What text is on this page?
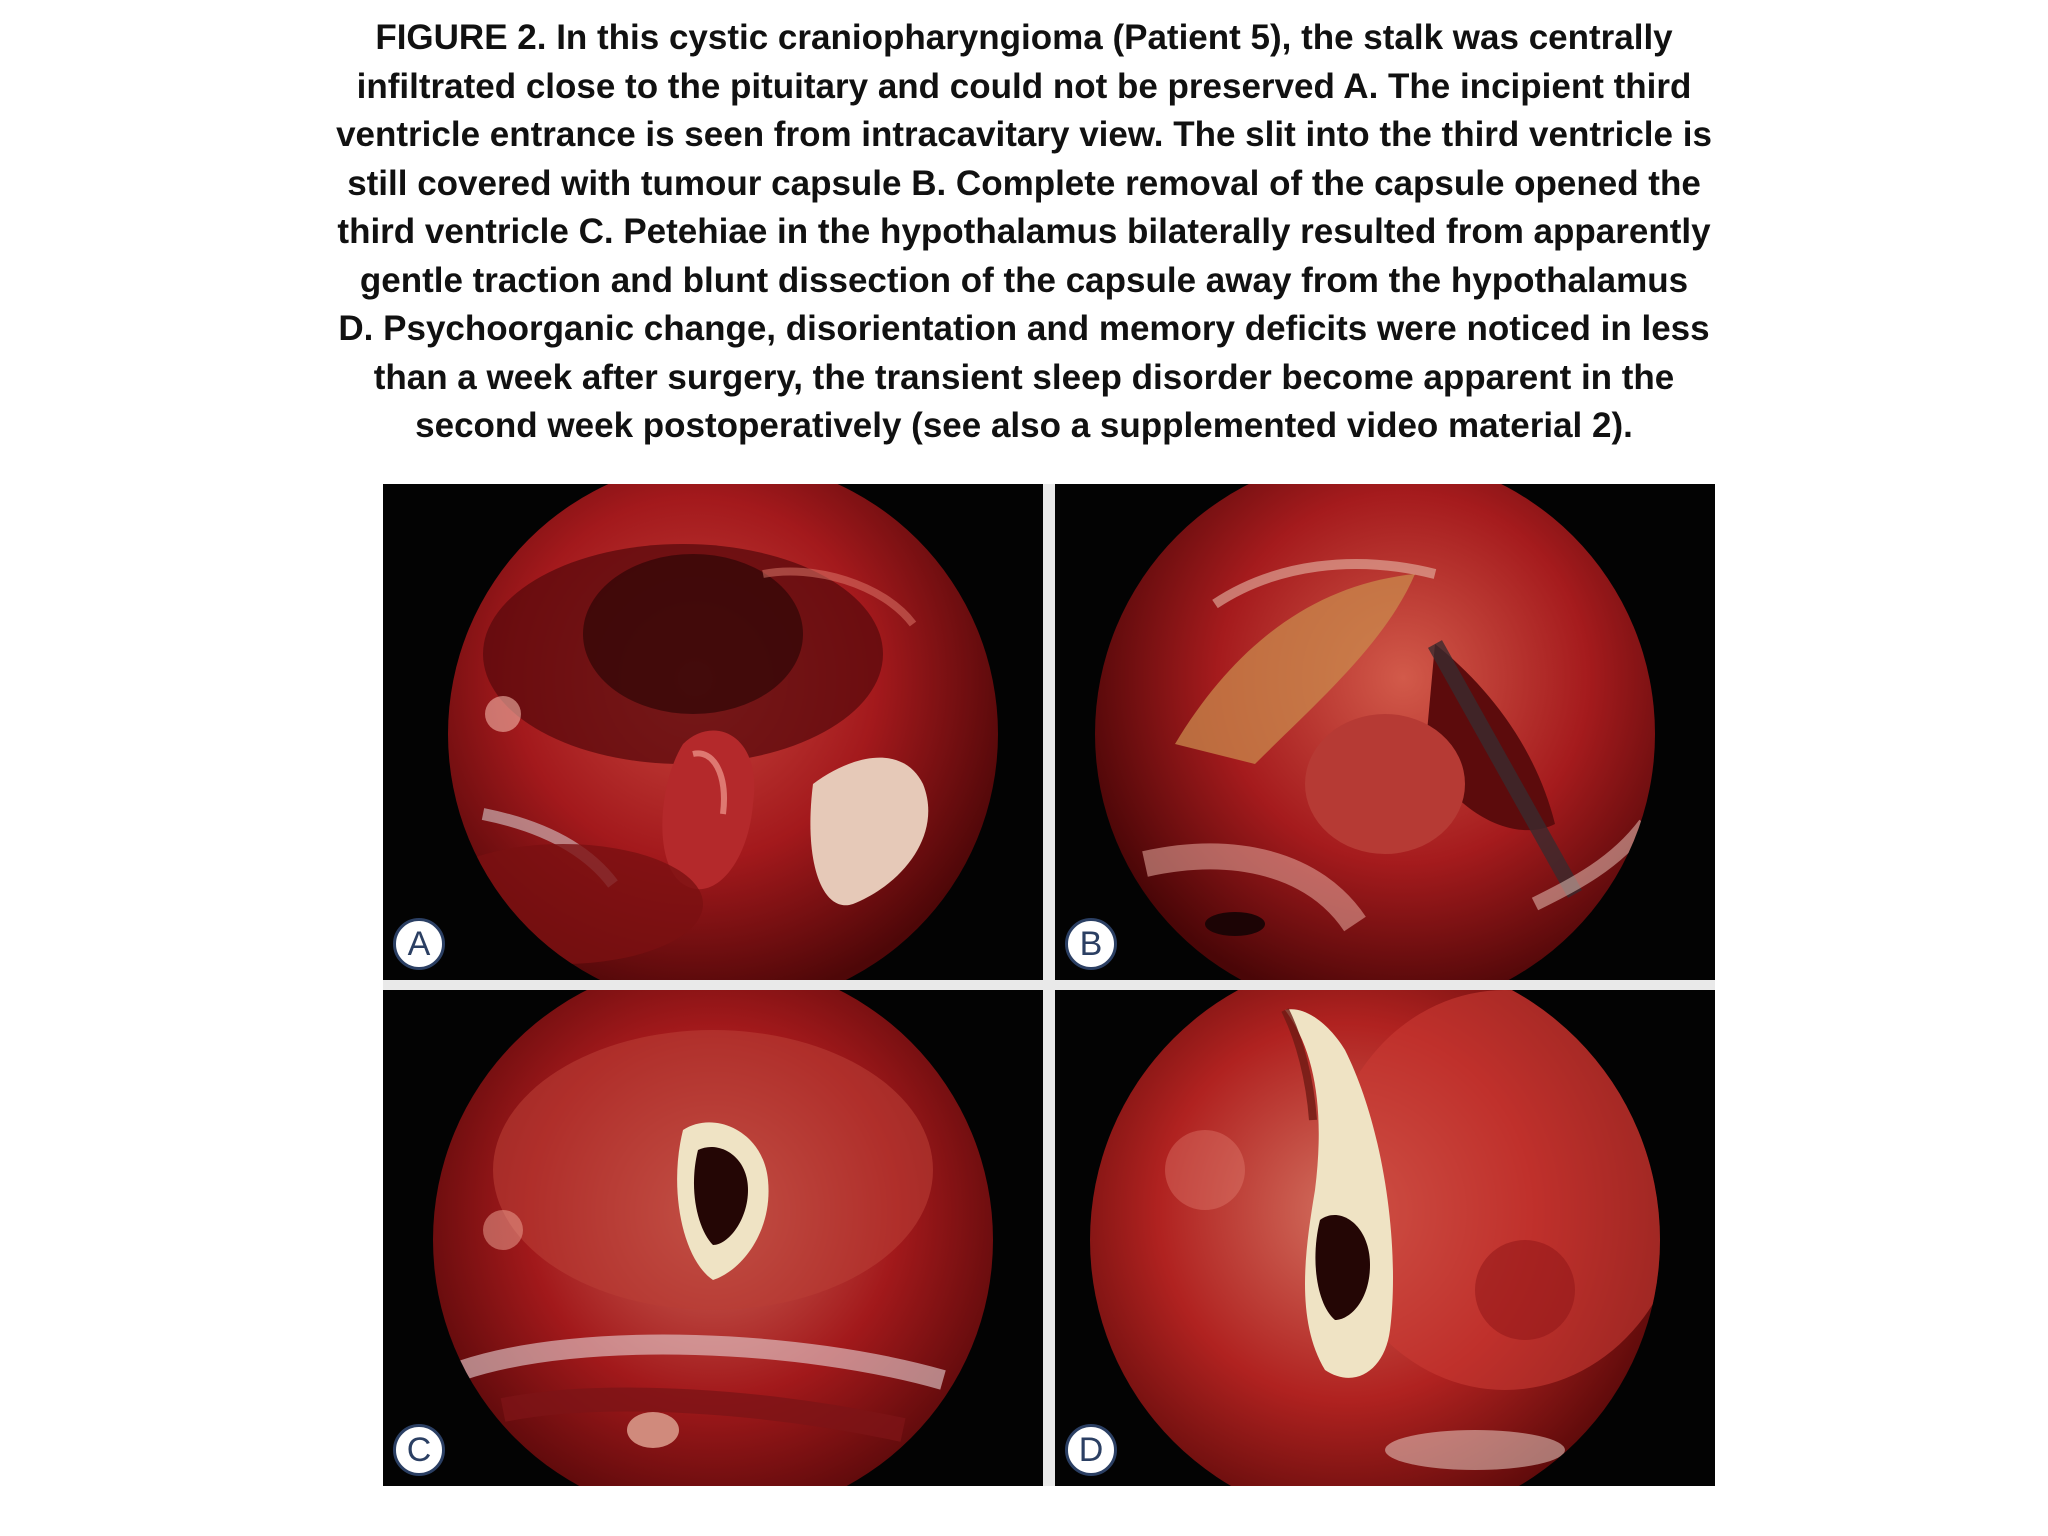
FIGURE 2. In this cystic craniopharyngioma (Patient 5), the stalk was centrally
infiltrated close to the pituitary and could not be preserved A. The incipient third
ventricle entrance is seen from intracavitary view. The slit into the third ventricle is
still covered with tumour capsule B. Complete removal of the capsule opened the
third ventricle C. Petehiae in the hypothalamus bilaterally resulted from apparently
gentle traction and blunt dissection of the capsule away from the hypothalamus
D. Psychoorganic change, disorientation and memory deficits were noticed in less
than a week after surgery, the transient sleep disorder become apparent in the
second week postoperatively (see also a supplemented video material 2).
A	B
C	D
